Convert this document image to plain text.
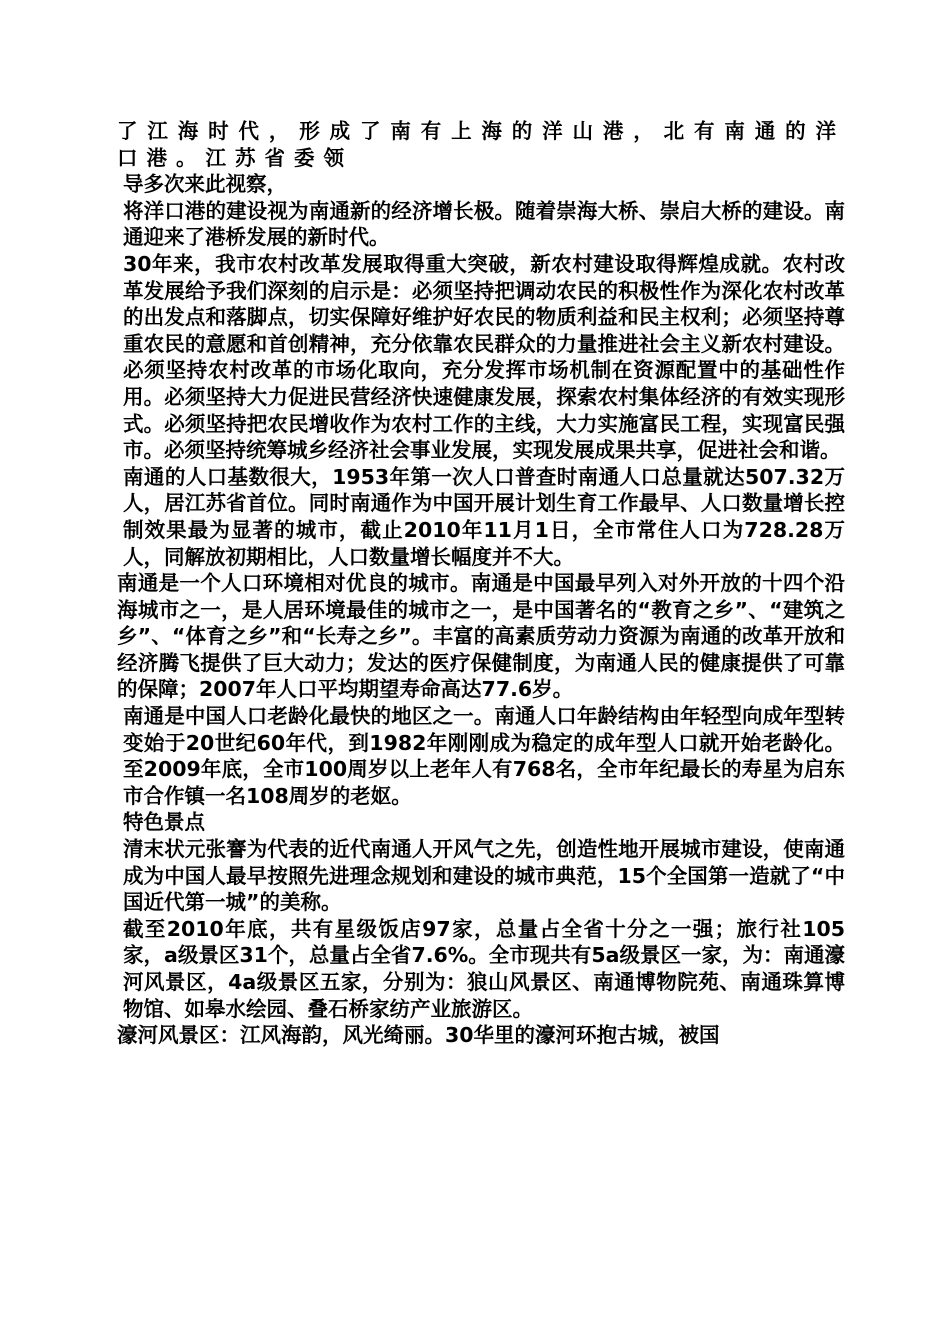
了江海时代，形成了南有上海的洋山港，北有南通的洋口港。江苏省委领

导多次来此视察，

将洋口港的建设视为南通新的经济增长极。随着崇海大桥、崇启大桥的建设。南通迎来了港桥发展的新时代。

30年来，我市农村改革发展取得重大突破，新农村建设取得辉煌成就。农村改革发展给予我们深刻的启示是：必须坚持把调动农民的积极性作为深化农村改革的出发点和落脚点，切实保障好维护好农民的物质利益和民主权利；必须坚持尊重农民的意愿和首创精神，充分依靠农民群众的力量推进社会主义新农村建设。必须坚持农村改革的市场化取向，充分发挥市场机制在资源配置中的基础性作用。必须坚持大力促进民营经济快速健康发展，探索农村集体经济的有效实现形式。必须坚持把农民增收作为农村工作的主线，大力实施富民工程，实现富民强市。必须坚持统筹城乡经济社会事业发展，实现发展成果共享，促进社会和谐。

南通的人口基数很大，1953年第一次人口普查时南通人口总量就达507.32万人，居江苏省首位。同时南通作为中国开展计划生育工作最早、人口数量增长控制效果最为显著的城市，截止2010年11月1日，全市常住人口为728.28万人，同解放初期相比，人口数量增长幅度并不大。

南通是一个人口环境相对优良的城市。南通是中国最早列入对外开放的十四个沿海城市之一，是人居环境最佳的城市之一，是中国著名的“教育之乡”、“建筑之乡”、“体育之乡”和“长寿之乡”。丰富的高素质劳动力资源为南通的改革开放和经济腾飞提供了巨大动力；发达的医疗保健制度，为南通人民的健康提供了可靠的保障；2007年人口平均期望寿命高达77.6岁。

南通是中国人口老龄化最快的地区之一。南通人口年龄结构由年轻型向成年型转变始于20世纪60年代，到1982年刚刚成为稳定的成年型人口就开始老龄化。至2009年底，全市100周岁以上老年人有768名，全市年纪最长的寿星为启东市合作镇一名108周岁的老妪。

特色景点

清末状元张謇为代表的近代南通人开风气之先，创造性地开展城市建设，使南通成为中国人最早按照先进理念规划和建设的城市典范，15个全国第一造就了“中国近代第一城”的美称。

截至2010年底，共有星级饭店97家，总量占全省十分之一强；旅行社105家，a级景区31个，总量占全省7.6%。全市现共有5a级景区一家，为：南通濠河风景区，4a级景区五家，分别为：狼山风景区、南通博物院苑、南通珠算博物馆、如皋水绘园、叠石桥家纺产业旅游区。

濠河风景区：江风海韵，风光绮丽。30华里的濠河环抱古城，被国
